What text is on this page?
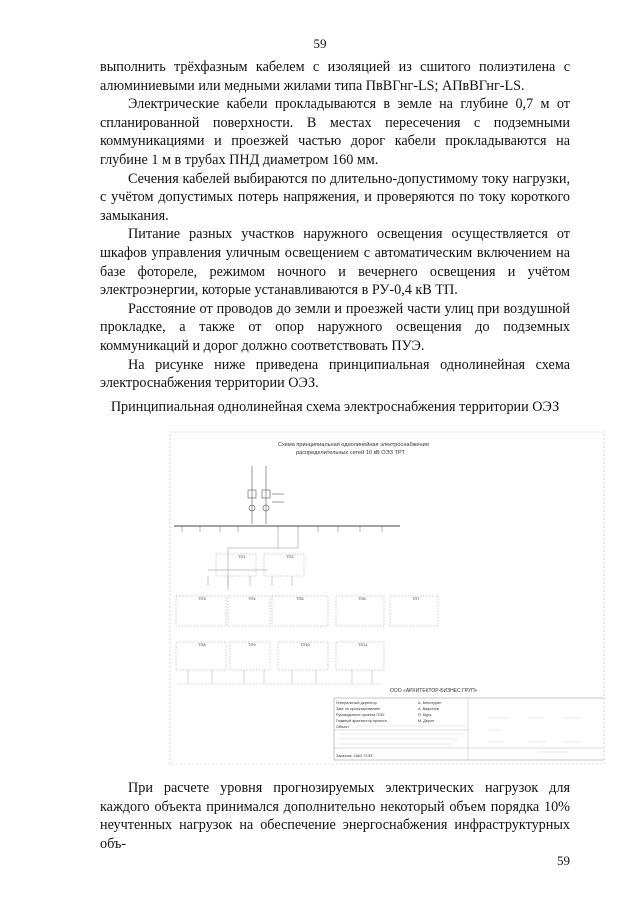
59

выполнить трёхфазным кабелем с изоляцией из сшитого полиэтилена с алюминиевыми или медными жилами типа ПвВГнг-LS; АПвВГнг-LS.

Электрические кабели прокладываются в земле на глубине 0,7 м от спланированной поверхности. В местах пересечения с подземными коммуникациями и проезжей частью дорог кабели прокладываются на глубине 1 м в трубах ПНД диаметром 160 мм.

Сечения кабелей выбираются по длительно-допустимому току нагрузки, с учётом допустимых потерь напряжения, и проверяются по току короткого замыкания.

Питание разных участков наружного освещения осуществляется от шкафов управления уличным освещением с автоматическим включением на базе фотореле, режимом ночного и вечернего освещения и учётом электроэнергии, которые устанавливаются в РУ-0,4 кВ ТП.

Расстояние от проводов до земли и проезжей части улиц при воздушной прокладке, а также от опор наружного освещения до подземных коммуникаций и дорог должно соответствовать ПУЭ.

На рисунке ниже приведена принципиальная однолинейная схема электроснабжения территории ОЭЗ.

Принципиальная однолинейная схема электроснабжения территории ОЭЗ
Схема принципиальная однолинейная электроснабжения
распределительных сетей 10 кВ ОЭЗ ТРТ
ТП1	ТП2
ТП3	ТП4	ТП5	ТП6	ТП7
ТП8	ТП9	ТП10	ТП11
ООО «АРХИТЕКТОР-БИЗНЕС ГРУП»
Генеральный директор	А. Белотурин
Зам. по проектированию	А. Вафонов
Руководитель проекта ПЭЧ	Я. Бура
Главный архитектор проекта	М. Дерон
Объект
Заказчик: ОАО "ОЭЗ"

При расчете уровня прогнозируемых электрических нагрузок для каждого объекта принимался дополнительно некоторый объем порядка 10% неучтенных нагрузок на обеспечение энергоснабжения инфраструктурных объ-

59
